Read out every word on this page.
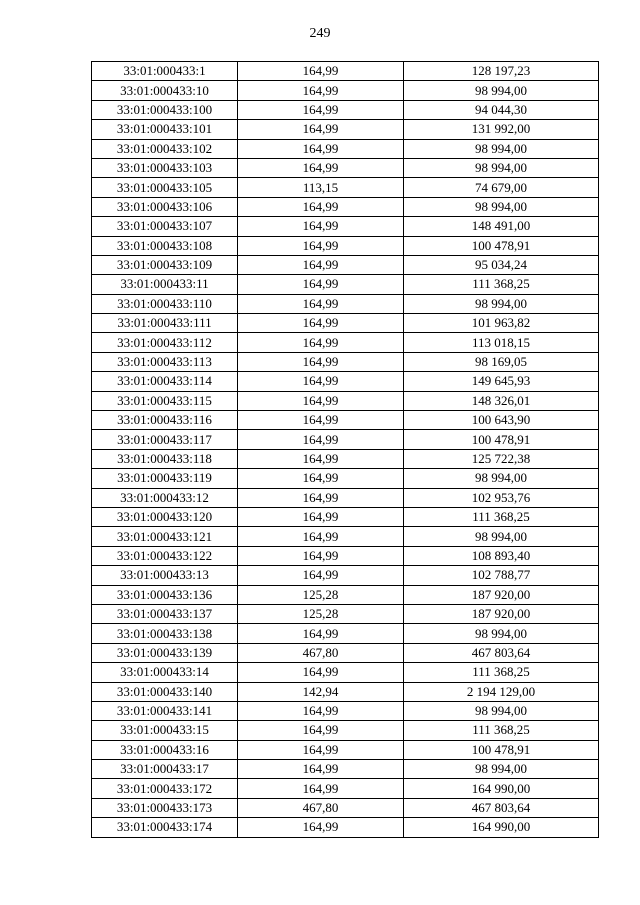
249
33:01:000433:1	164,99	128 197,23
33:01:000433:10	164,99	98 994,00
33:01:000433:100	164,99	94 044,30
33:01:000433:101	164,99	131 992,00
33:01:000433:102	164,99	98 994,00
33:01:000433:103	164,99	98 994,00
33:01:000433:105	113,15	74 679,00
33:01:000433:106	164,99	98 994,00
33:01:000433:107	164,99	148 491,00
33:01:000433:108	164,99	100 478,91
33:01:000433:109	164,99	95 034,24
33:01:000433:11	164,99	111 368,25
33:01:000433:110	164,99	98 994,00
33:01:000433:111	164,99	101 963,82
33:01:000433:112	164,99	113 018,15
33:01:000433:113	164,99	98 169,05
33:01:000433:114	164,99	149 645,93
33:01:000433:115	164,99	148 326,01
33:01:000433:116	164,99	100 643,90
33:01:000433:117	164,99	100 478,91
33:01:000433:118	164,99	125 722,38
33:01:000433:119	164,99	98 994,00
33:01:000433:12	164,99	102 953,76
33:01:000433:120	164,99	111 368,25
33:01:000433:121	164,99	98 994,00
33:01:000433:122	164,99	108 893,40
33:01:000433:13	164,99	102 788,77
33:01:000433:136	125,28	187 920,00
33:01:000433:137	125,28	187 920,00
33:01:000433:138	164,99	98 994,00
33:01:000433:139	467,80	467 803,64
33:01:000433:14	164,99	111 368,25
33:01:000433:140	142,94	2 194 129,00
33:01:000433:141	164,99	98 994,00
33:01:000433:15	164,99	111 368,25
33:01:000433:16	164,99	100 478,91
33:01:000433:17	164,99	98 994,00
33:01:000433:172	164,99	164 990,00
33:01:000433:173	467,80	467 803,64
33:01:000433:174	164,99	164 990,00
